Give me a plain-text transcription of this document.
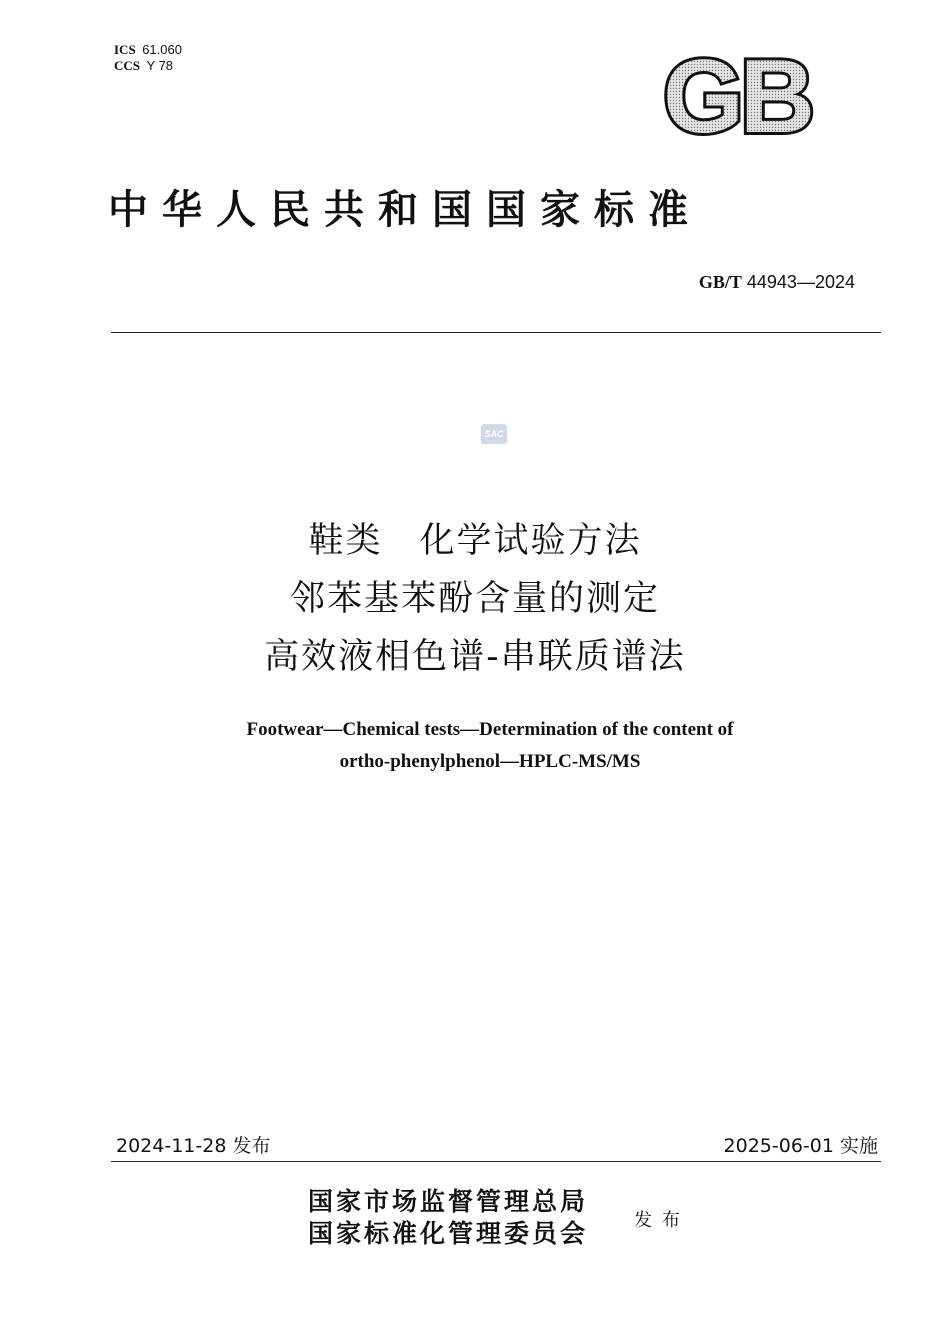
ICS 61.060
CCS Y 78	GB
中华人民共和国国家标准
GB/T 44943—2024
SAC
鞋类　化学试验方法
邻苯基苯酚含量的测定
高效液相色谱-串联质谱法
Footwear—Chemical tests—Determination of the content of
ortho-phenylphenol—HPLC-MS/MS
2024-11-28 发布	2025-06-01 实施
国家市场监督管理总局
国家标准化管理委员会	发布
